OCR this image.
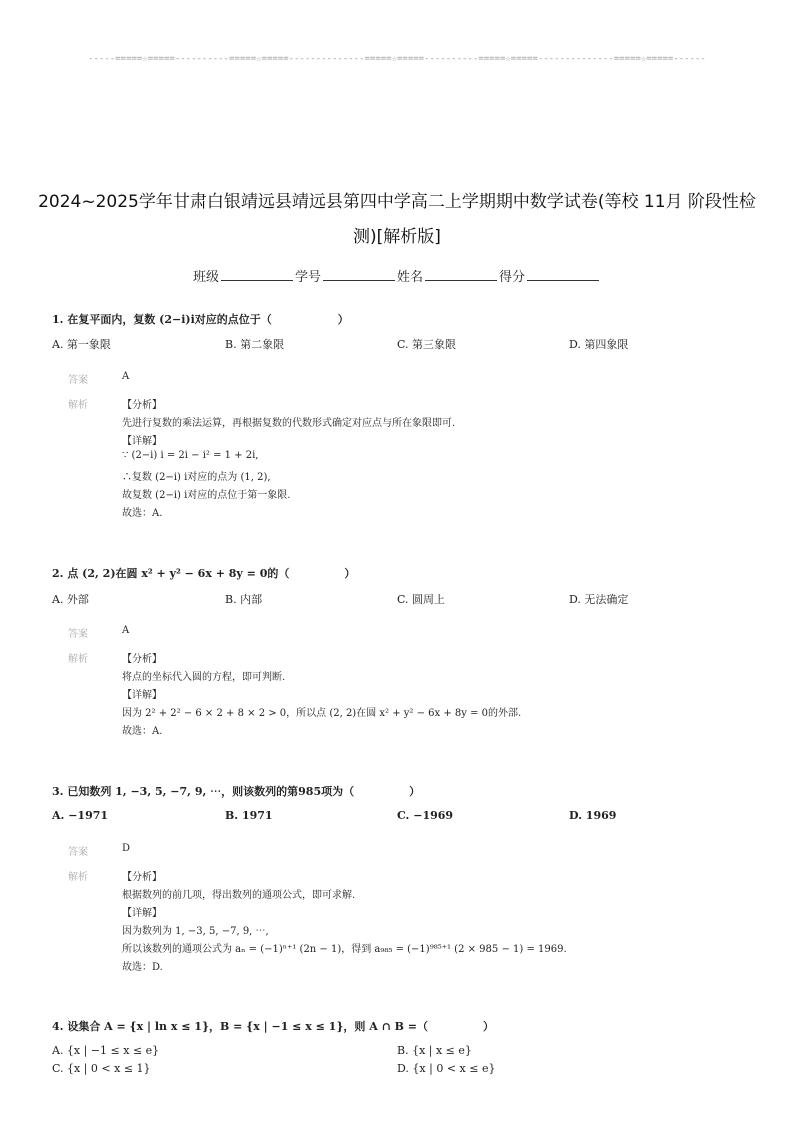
-----=====☆=====----------=====☆=====--------------=====☆=====----------=====☆=====--------------=====☆=====------
2024~2025学年甘肃白银靖远县靖远县第四中学高二上学期期中数学试卷(等校 11月 阶段性检
测)[解析版]
班级	学号	姓名	得分
1. 在复平面内，复数 (2−i)i对应的点位于（　　　　　　）
A. 第一象限	B. 第二象限	C. 第三象限	D. 第四象限
答案	A
解析	【分析】
先进行复数的乘法运算，再根据复数的代数形式确定对应点与所在象限即可.
【详解】
∵ (2−i) i = 2i − i² = 1 + 2i,
∴复数 (2−i) i对应的点为 (1, 2),
故复数 (2−i) i对应的点位于第一象限.
故选：A.
2. 点 (2, 2)在圆 x² + y² − 6x + 8y = 0的（　　　　　）
A. 外部	B. 内部	C. 圆周上	D. 无法确定
答案	A
解析	【分析】
将点的坐标代入圆的方程，即可判断.
【详解】
因为 2² + 2² − 6 × 2 + 8 × 2 > 0，所以点 (2, 2)在圆 x² + y² − 6x + 8y = 0的外部.
故选：A.
3. 已知数列 1, −3, 5, −7, 9, ⋯，则该数列的第985项为（　　　　　）
A. −1971	B. 1971	C. −1969	D. 1969
答案	D
解析	【分析】
根据数列的前几项，得出数列的通项公式，即可求解.
【详解】
因为数列为 1, −3, 5, −7, 9, ⋯,
所以该数列的通项公式为 aₙ = (−1)ⁿ⁺¹ (2n − 1)，得到 a₉₈₅ = (−1)⁹⁸⁵⁺¹ (2 × 985 − 1) = 1969.
故选：D.
4. 设集合 A = {x | ln x ≤ 1}，B = {x | −1 ≤ x ≤ 1}，则 A ∩ B =（　　　　　）
A. {x | −1 ≤ x ≤ e}	B. {x | x ≤ e}
C. {x | 0 < x ≤ 1}	D. {x | 0 < x ≤ e}
